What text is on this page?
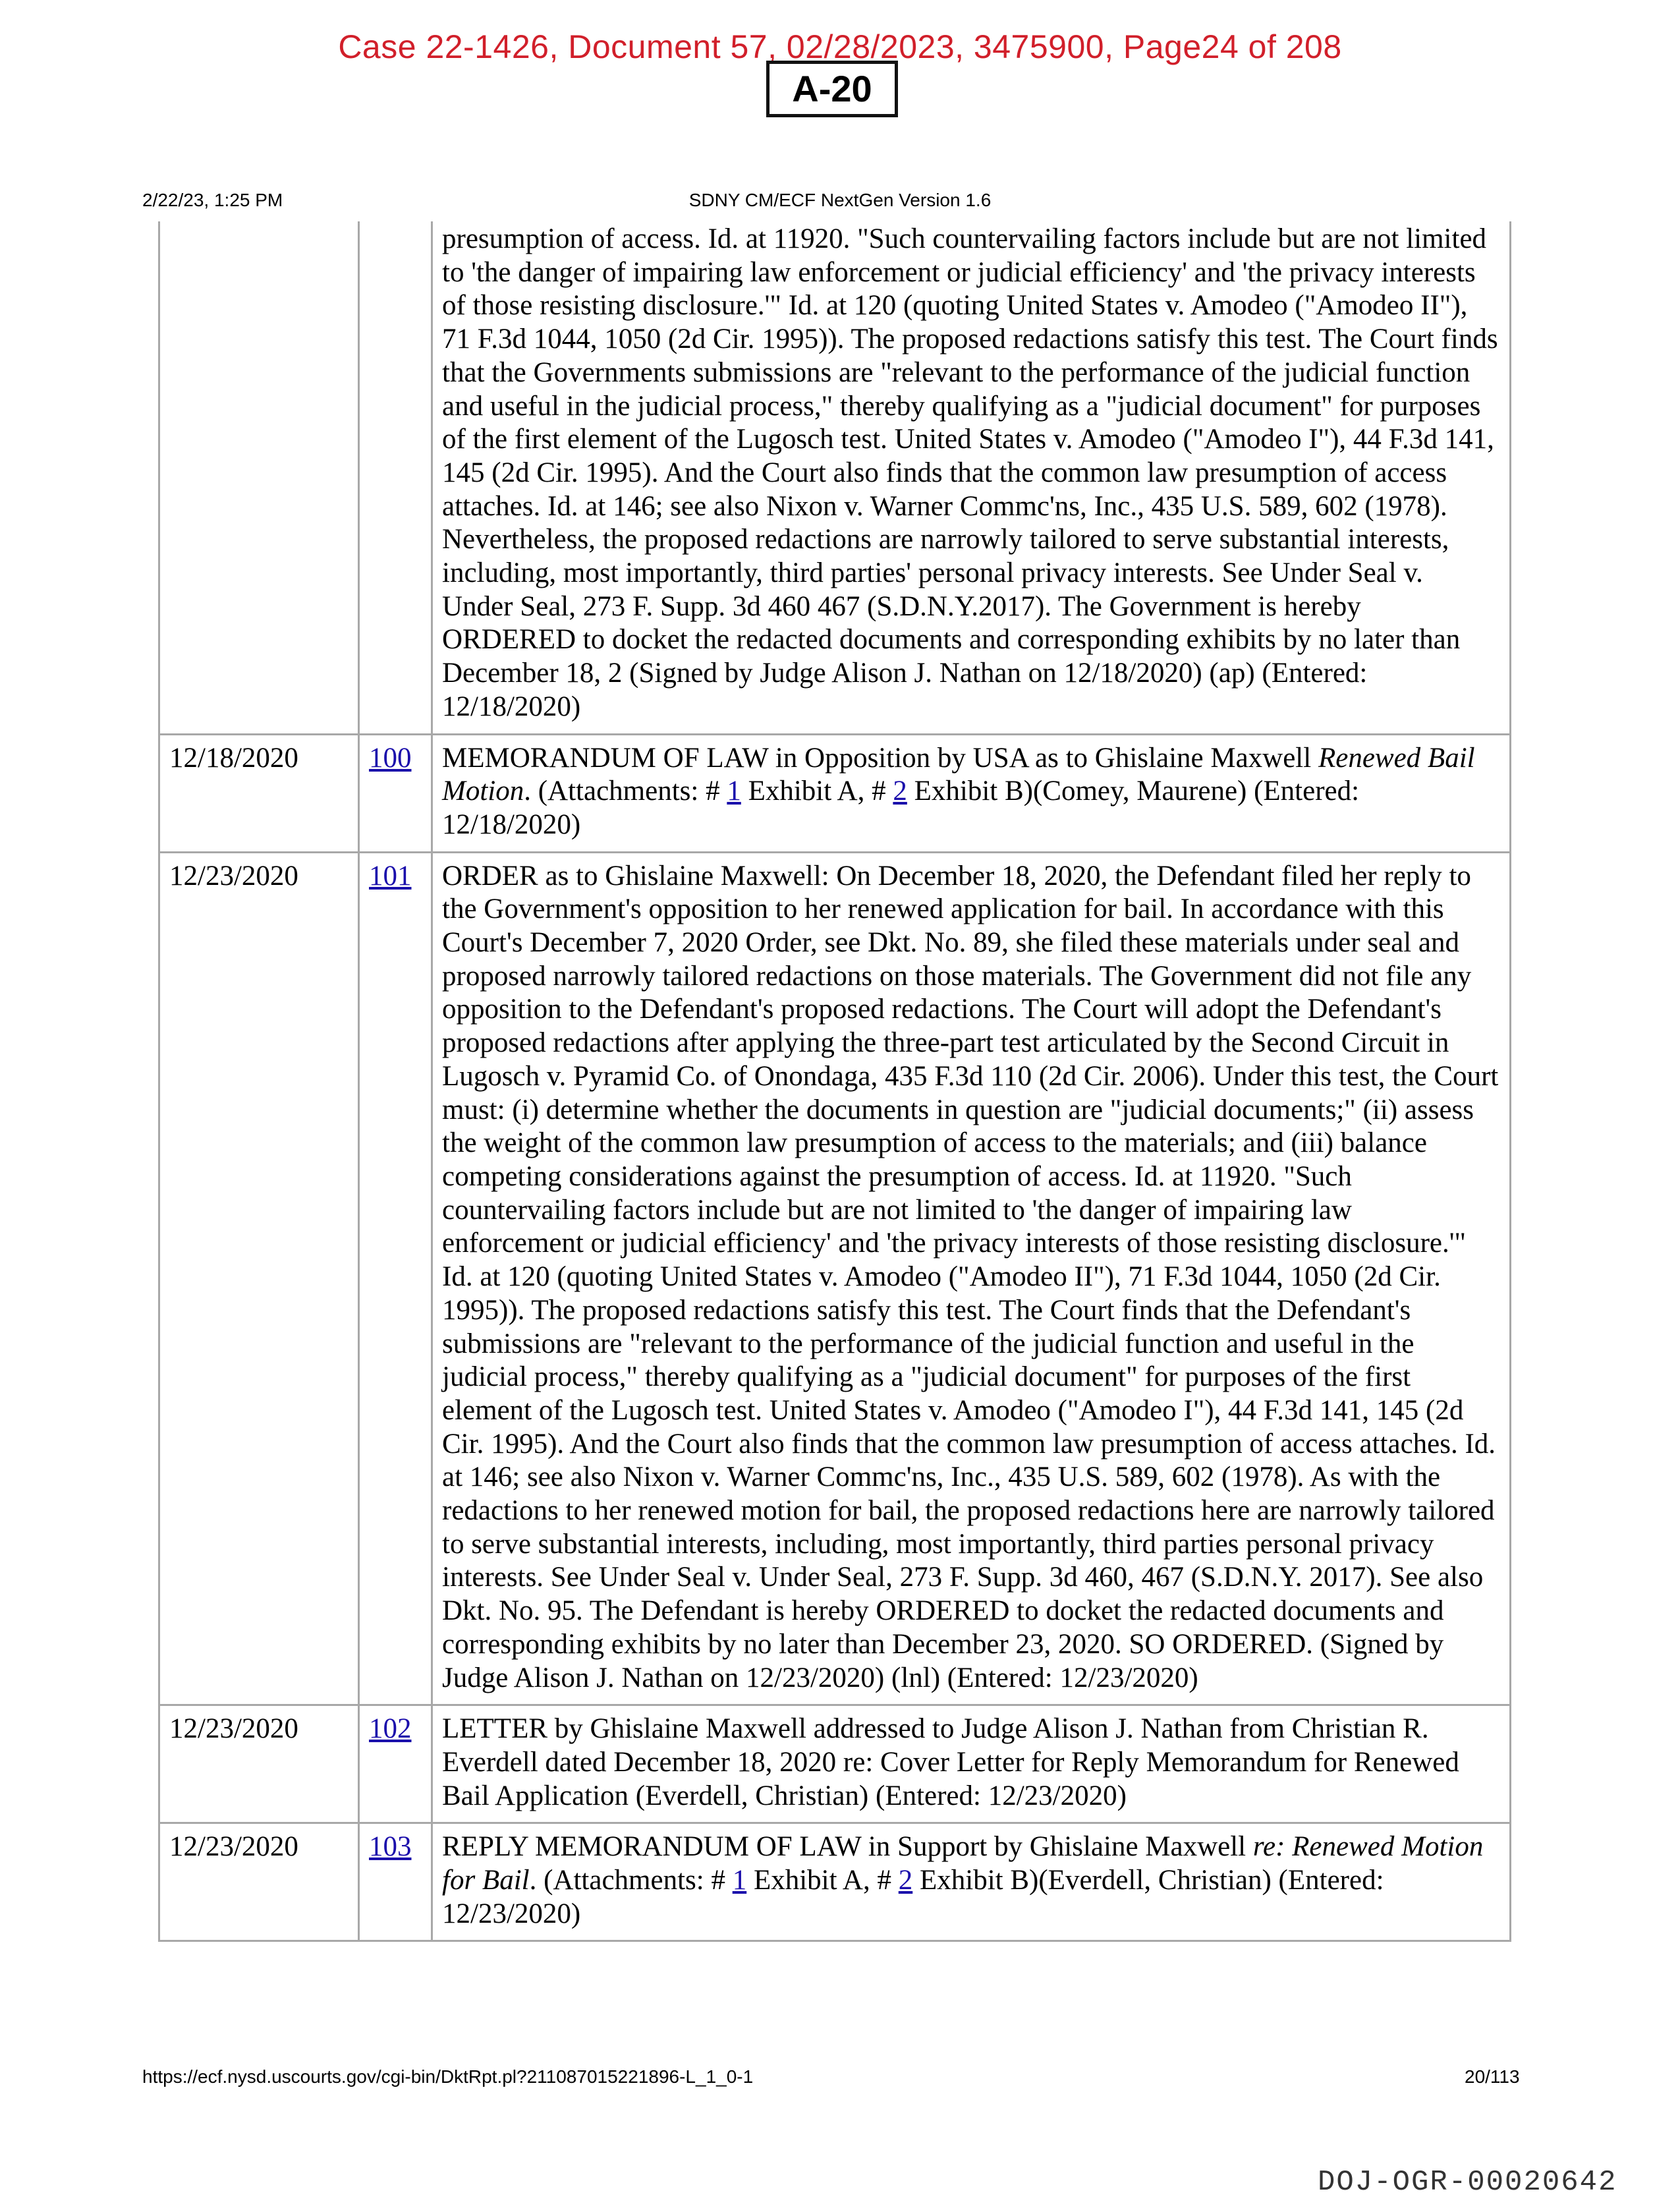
Case 22-1426, Document 57, 02/28/2023, 3475900, Page24 of 208
A-20
2/22/23, 1:25 PM	SDNY CM/ECF NextGen Version 1.6
		presumption of access. Id. at 11920. "Such countervailing factors include but are not limited to 'the danger of impairing law enforcement or judicial efficiency' and 'the privacy interests of those resisting disclosure.'" Id. at 120 (quoting United States v. Amodeo ("Amodeo II"), 71 F.3d 1044, 1050 (2d Cir. 1995)). The proposed redactions satisfy this test. The Court finds that the Governments submissions are "relevant to the performance of the judicial function and useful in the judicial process," thereby qualifying as a "judicial document" for purposes of the first element of the Lugosch test. United States v. Amodeo ("Amodeo I"), 44 F.3d 141, 145 (2d Cir. 1995). And the Court also finds that the common law presumption of access attaches. Id. at 146; see also Nixon v. Warner Commc'ns, Inc., 435 U.S. 589, 602 (1978). Nevertheless, the proposed redactions are narrowly tailored to serve substantial interests, including, most importantly, third parties' personal privacy interests. See Under Seal v. Under Seal, 273 F. Supp. 3d 460 467 (S.D.N.Y.2017). The Government is hereby ORDERED to docket the redacted documents and corresponding exhibits by no later than December 18, 2 (Signed by Judge Alison J. Nathan on 12/18/2020) (ap) (Entered: 12/18/2020)
12/18/2020	100	MEMORANDUM OF LAW in Opposition by USA as to Ghislaine Maxwell Renewed Bail Motion. (Attachments: # 1 Exhibit A, # 2 Exhibit B)(Comey, Maurene) (Entered: 12/18/2020)
12/23/2020	101	ORDER as to Ghislaine Maxwell: On December 18, 2020, the Defendant filed her reply to the Government's opposition to her renewed application for bail. In accordance with this Court's December 7, 2020 Order, see Dkt. No. 89, she filed these materials under seal and proposed narrowly tailored redactions on those materials. The Government did not file any opposition to the Defendant's proposed redactions. The Court will adopt the Defendant's proposed redactions after applying the three-part test articulated by the Second Circuit in Lugosch v. Pyramid Co. of Onondaga, 435 F.3d 110 (2d Cir. 2006). Under this test, the Court must: (i) determine whether the documents in question are "judicial documents;" (ii) assess the weight of the common law presumption of access to the materials; and (iii) balance competing considerations against the presumption of access. Id. at 11920. "Such countervailing factors include but are not limited to 'the danger of impairing law enforcement or judicial efficiency' and 'the privacy interests of those resisting disclosure.'" Id. at 120 (quoting United States v. Amodeo ("Amodeo II"), 71 F.3d 1044, 1050 (2d Cir. 1995)). The proposed redactions satisfy this test. The Court finds that the Defendant's submissions are "relevant to the performance of the judicial function and useful in the judicial process," thereby qualifying as a "judicial document" for purposes of the first element of the Lugosch test. United States v. Amodeo ("Amodeo I"), 44 F.3d 141, 145 (2d Cir. 1995). And the Court also finds that the common law presumption of access attaches. Id. at 146; see also Nixon v. Warner Commc'ns, Inc., 435 U.S. 589, 602 (1978). As with the redactions to her renewed motion for bail, the proposed redactions here are narrowly tailored to serve substantial interests, including, most importantly, third parties personal privacy interests. See Under Seal v. Under Seal, 273 F. Supp. 3d 460, 467 (S.D.N.Y. 2017). See also Dkt. No. 95. The Defendant is hereby ORDERED to docket the redacted documents and corresponding exhibits by no later than December 23, 2020. SO ORDERED. (Signed by Judge Alison J. Nathan on 12/23/2020) (lnl) (Entered: 12/23/2020)
12/23/2020	102	LETTER by Ghislaine Maxwell addressed to Judge Alison J. Nathan from Christian R. Everdell dated December 18, 2020 re: Cover Letter for Reply Memorandum for Renewed Bail Application (Everdell, Christian) (Entered: 12/23/2020)
12/23/2020	103	REPLY MEMORANDUM OF LAW in Support by Ghislaine Maxwell re: Renewed Motion for Bail. (Attachments: # 1 Exhibit A, # 2 Exhibit B)(Everdell, Christian) (Entered: 12/23/2020)
https://ecf.nysd.uscourts.gov/cgi-bin/DktRpt.pl?211087015221896-L_1_0-1	20/113
DOJ-OGR-00020642
